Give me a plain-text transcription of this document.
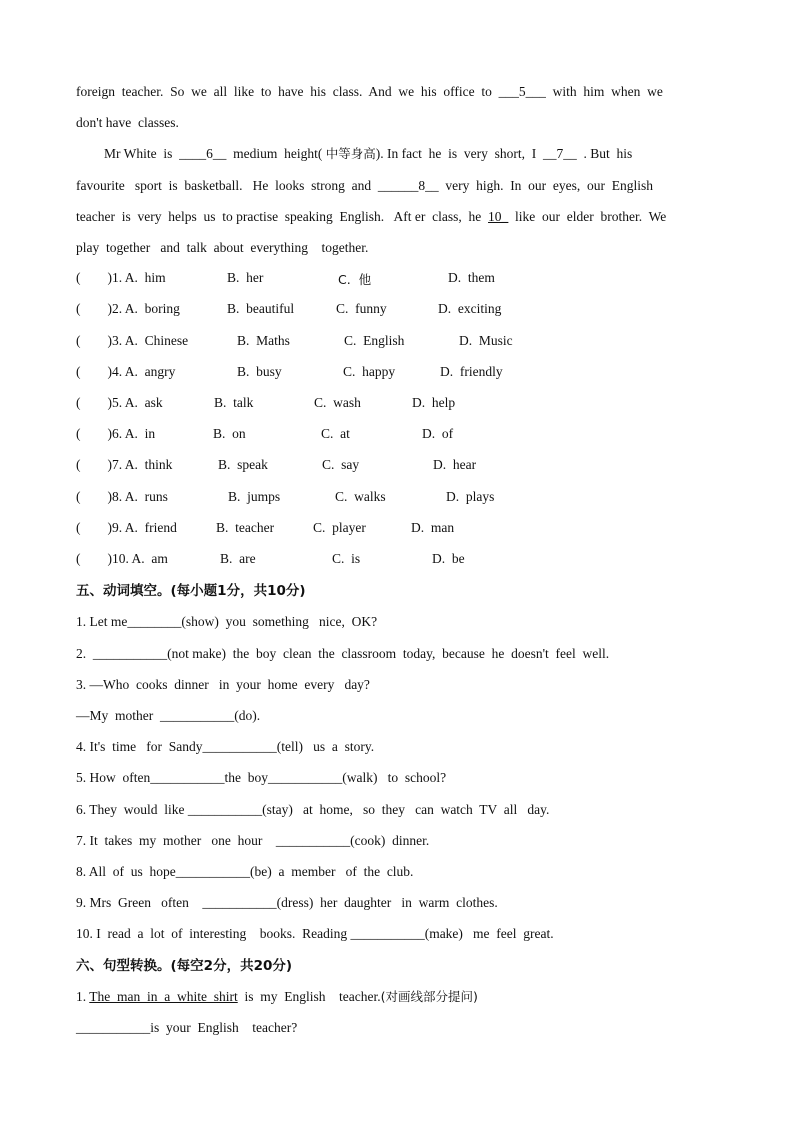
foreign  teacher.  So  we  all  like  to  have  his  class.  And  we  his  office  to  ___5___  with  him  when  we
don't have  classes.
Mr White  is  ____6__  medium  height( 中等身高). In fact  he  is  very  short,  I  __7__  . But  his
favourite   sport  is  basketball.   He  looks  strong  and  ______8__  very  high.  In  our  eyes,  our  English
teacher  is  very  helps  us  to practise  speaking  English.   Aft er  class,  he  10_  like  our  elder  brother.  We
play  together   and  talk  about  everything    together.
(        )1. A.  him	B.  her	C.  他	D.  them
(        )2. A.  boring	B.  beautiful	C.  funny	D.  exciting
(        )3. A.  Chinese	B.  Maths	C.  English	D.  Music
(        )4. A.  angry	B.  busy	C.  happy	D.  friendly
(        )5. A.  ask	B.  talk	C.  wash	D.  help
(        )6. A.  in	B.  on	C.  at	D.  of
(        )7. A.  think	B.  speak	C.  say	D.  hear
(        )8. A.  runs	B.  jumps	C.  walks	D.  plays
(        )9. A.  friend	B.  teacher	C.  player	D.  man
(        )10. A.  am	B.  are	C.  is	D.  be
五、动词填空。(每小题1分，共10分)
1. Let me________(show)  you  something   nice,  OK?
2.  ___________(not make)  the  boy  clean  the  classroom  today,  because  he  doesn't  feel  well.
3. —Who  cooks  dinner   in  your  home  every   day?
—My  mother  ___________(do).
4. It's  time   for  Sandy___________(tell)   us  a  story.
5. How  often___________the  boy___________(walk)   to  school?
6. They  would  like ___________(stay)   at  home,   so  they   can  watch  TV  all   day.
7. It  takes  my  mother   one  hour    ___________(cook)  dinner.
8. All  of  us  hope___________(be)  a  member   of  the  club.
9. Mrs  Green   often    ___________(dress)  her  daughter   in  warm  clothes.
10. I  read  a  lot  of  interesting    books.  Reading ___________(make)   me  feel  great.
六、句型转换。(每空2分，共20分)
1. The  man  in  a  white  shirt  is  my  English    teacher.(对画线部分提问)
___________is  your  English    teacher?
